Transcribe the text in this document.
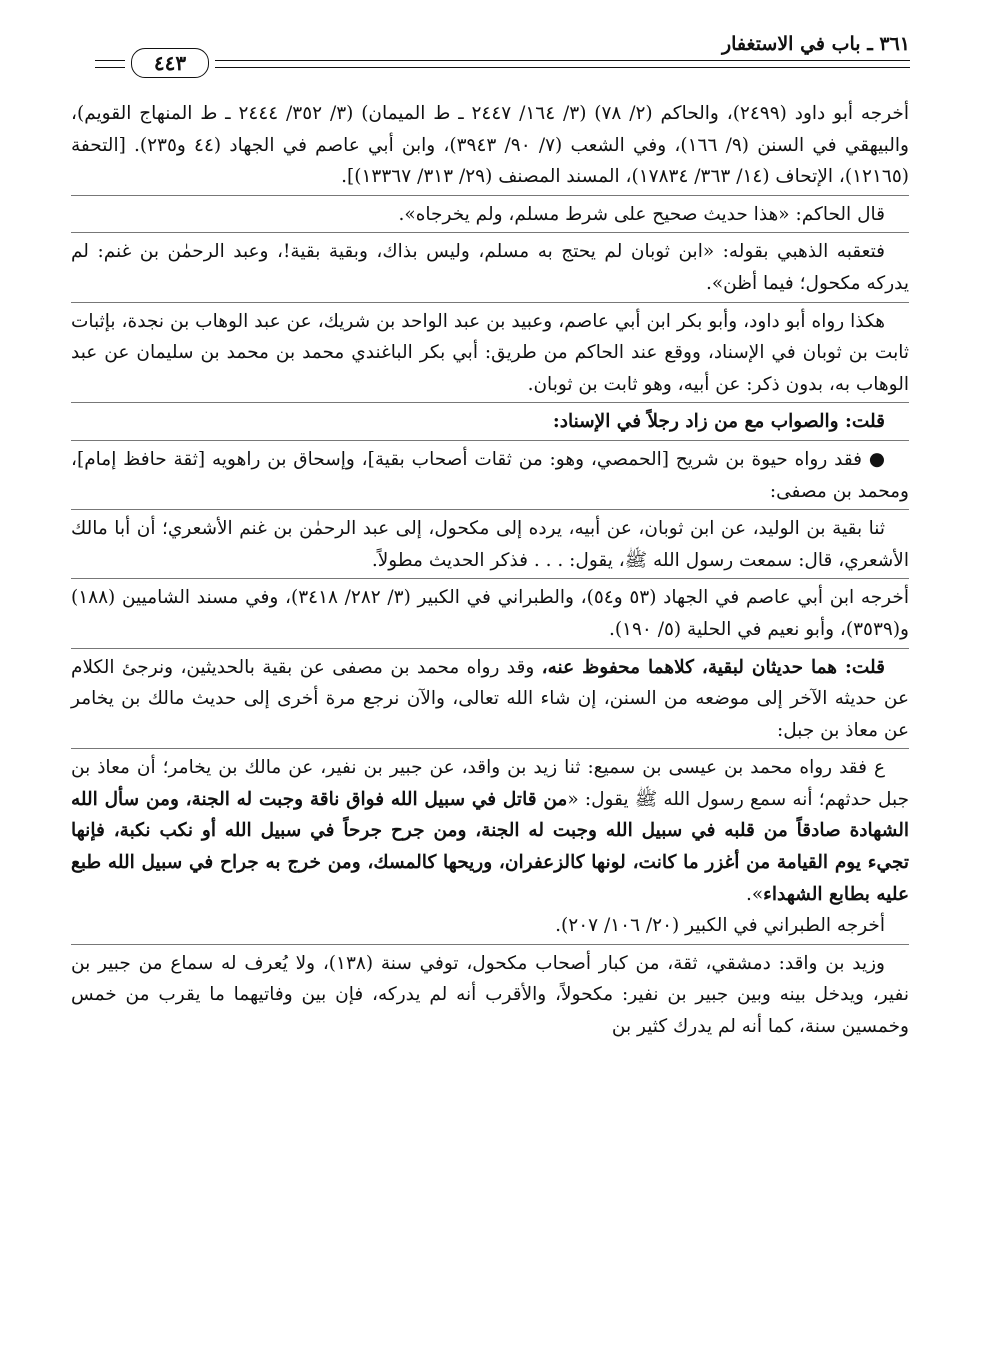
٣٦١ ـ باب في الاستغفار
٤٤٣

أخرجه أبو داود (٢٤٩٩)، والحاكم (٢/ ٧٨) (٣/ ١٦٤/ ٢٤٤٧ ـ ط الميمان) (٣/ ٣٥٢/ ٢٤٤٤ ـ ط المنهاج القويم)، والبيهقي في السنن (٩/ ١٦٦)، وفي الشعب (٧/ ٩٠/ ٣٩٤٣)، وابن أبي عاصم في الجهاد (٤٤ و٢٣٥). [التحفة (١٢١٦٥)، الإتحاف (١٤/ ٣٦٣/ ١٧٨٣٤)، المسند المصنف (٢٩/ ٣١٣/ ١٣٣٦٧)].

قال الحاكم: «هذا حديث صحيح على شرط مسلم، ولم يخرجاه».

فتعقبه الذهبي بقوله: «ابن ثوبان لم يحتج به مسلم، وليس بذاك، وبقية بقية!، وعبد الرحمٰن بن غنم: لم يدركه مكحول؛ فيما أظن».

هكذا رواه أبو داود، وأبو بكر ابن أبي عاصم، وعبيد بن عبد الواحد بن شريك، عن عبد الوهاب بن نجدة، بإثبات ثابت بن ثوبان في الإسناد، ووقع عند الحاكم من طريق: أبي بكر الباغندي محمد بن محمد بن سليمان عن عبد الوهاب به، بدون ذكر: عن أبيه، وهو ثابت بن ثوبان.

قلت: والصواب مع من زاد رجلاً في الإسناد:

● فقد رواه حيوة بن شريح [الحمصي، وهو: من ثقات أصحاب بقية]، وإسحاق بن راهويه [ثقة حافظ إمام]، ومحمد بن مصفى:

ثنا بقية بن الوليد، عن ابن ثوبان، عن أبيه، يرده إلى مكحول، إلى عبد الرحمٰن بن غنم الأشعري؛ أن أبا مالك الأشعري، قال: سمعت رسول الله ﷺ، يقول: . . . فذكر الحديث مطولاً.

أخرجه ابن أبي عاصم في الجهاد (٥٣ و٥٤)، والطبراني في الكبير (٣/ ٢٨٢/ ٣٤١٨)، وفي مسند الشاميين (١٨٨) و(٣٥٣٩)، وأبو نعيم في الحلية (٥/ ١٩٠).

قلت: هما حديثان لبقية، كلاهما محفوظ عنه، وقد رواه محمد بن مصفى عن بقية بالحديثين، ونرجئ الكلام عن حديثه الآخر إلى موضعه من السنن، إن شاء الله تعالى، والآن نرجع مرة أخرى إلى حديث مالك بن يخامر عن معاذ بن جبل:

ع فقد رواه محمد بن عيسى بن سميع: ثنا زيد بن واقد، عن جبير بن نفير، عن مالك بن يخامر؛ أن معاذ بن جبل حدثهم؛ أنه سمع رسول الله ﷺ يقول: «من قاتل في سبيل الله فواق ناقة وجبت له الجنة، ومن سأل الله الشهادة صادقاً من قلبه في سبيل الله وجبت له الجنة، ومن جرح جرحاً في سبيل الله أو نكب نكبة، فإنها تجيء يوم القيامة من أغزر ما كانت، لونها كالزعفران، وريحها كالمسك، ومن خرج به جراح في سبيل الله طبع عليه بطابع الشهداء».

أخرجه الطبراني في الكبير (٢٠/ ١٠٦/ ٢٠٧).

وزيد بن واقد: دمشقي، ثقة، من كبار أصحاب مكحول، توفي سنة (١٣٨)، ولا يُعرف له سماع من جبير بن نفير، ويدخل بينه وبين جبير بن نفير: مكحولاً، والأقرب أنه لم يدركه، فإن بين وفاتيهما ما يقرب من خمس وخمسين سنة، كما أنه لم يدرك كثير بن
